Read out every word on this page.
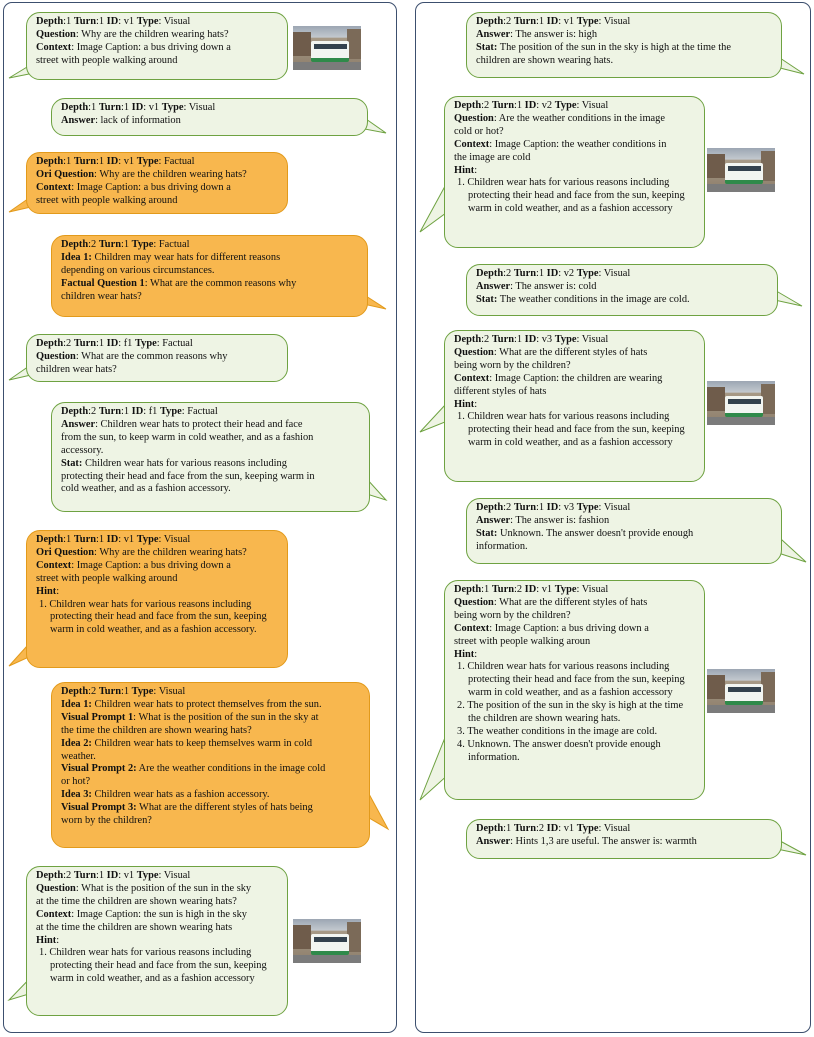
Depth:1 Turn:1 ID: v1 Type: Visual
Question: Why are the children wearing hats?
Context: Image Caption: a bus driving down a
street with people walking around
Depth:1 Turn:1 ID: v1 Type: Visual
Answer: lack of information
Depth:1 Turn:1 ID: v1 Type: Factual
Ori Question: Why are the children wearing hats?
Context: Image Caption: a bus driving down a
street with people walking around
Depth:2 Turn:1 Type: Factual
Idea 1: Children may wear hats for different reasons
depending on various circumstances.
Factual Question 1: What are the common reasons why
children wear hats?
Depth:2 Turn:1 ID: f1 Type: Factual
Question: What are the common reasons why
children wear hats?
Depth:2 Turn:1 ID: f1 Type: Factual
Answer: Children wear hats to protect their head and face
from the sun, to keep warm in cold weather, and as a fashion
accessory.
Stat: Children wear hats for various reasons including
protecting their head and face from the sun, keeping warm in
cold weather, and as a fashion accessory.
Depth:1 Turn:1 ID: v1 Type: Visual
Ori Question: Why are the children wearing hats?
Context: Image Caption: a bus driving down a
street with people walking around
Hint:
1. Children wear hats for various reasons including protecting their head and face from the sun, keeping warm in cold weather, and as a fashion accessory.
Depth:2 Turn:1 Type: Visual
Idea 1: Children wear hats to protect themselves from the sun.
Visual Prompt 1: What is the position of the sun in the sky at
the time the children are shown wearing hats?
Idea 2: Children wear hats to keep themselves warm in cold
weather.
Visual Prompt 2: Are the weather conditions in the image cold
or hot?
Idea 3: Children wear hats as a fashion accessory.
Visual Prompt 3: What are the different styles of hats being
worn by the children?
Depth:2 Turn:1 ID: v1 Type: Visual
Question: What is the position of the sun in the sky
at the time the children are shown wearing hats?
Context: Image Caption: the sun is high in the sky
at the time the children are shown wearing hats
Hint:
1. Children wear hats for various reasons including protecting their head and face from the sun, keeping warm in cold weather, and as a fashion accessory
Depth:2 Turn:1 ID: v1 Type: Visual
Answer: The answer is: high
Stat: The position of the sun in the sky is high at the time the
children are shown wearing hats.
Depth:2 Turn:1 ID: v2 Type: Visual
Question: Are the weather conditions in the image
cold or hot?
Context: Image Caption: the weather conditions in
the image are cold
Hint:
1. Children wear hats for various reasons including protecting their head and face from the sun, keeping warm in cold weather, and as a fashion accessory
Depth:2 Turn:1 ID: v2 Type: Visual
Answer: The answer is: cold
Stat: The weather conditions in the image are cold.
Depth:2 Turn:1 ID: v3 Type: Visual
Question: What are the different styles of hats
being worn by the children?
Context: Image Caption: the children are wearing
different styles of hats
Hint:
1. Children wear hats for various reasons including protecting their head and face from the sun, keeping warm in cold weather, and as a fashion accessory
Depth:2 Turn:1 ID: v3 Type: Visual
Answer: The answer is: fashion
Stat: Unknown. The answer doesn't provide enough
information.
Depth:1 Turn:2 ID: v1 Type: Visual
Question: What are the different styles of hats
being worn by the children?
Context: Image Caption: a bus driving down a
street with people walking aroun
Hint:
1. Children wear hats for various reasons including protecting their head and face from the sun, keeping warm in cold weather, and as a fashion accessory
2. The position of the sun in the sky is high at the time the children are shown wearing hats.
3. The weather conditions in the image are cold.
4. Unknown. The answer doesn't provide enough information.
Depth:1 Turn:2 ID: v1 Type: Visual
Answer: Hints 1,3 are useful. The answer is: warmth
